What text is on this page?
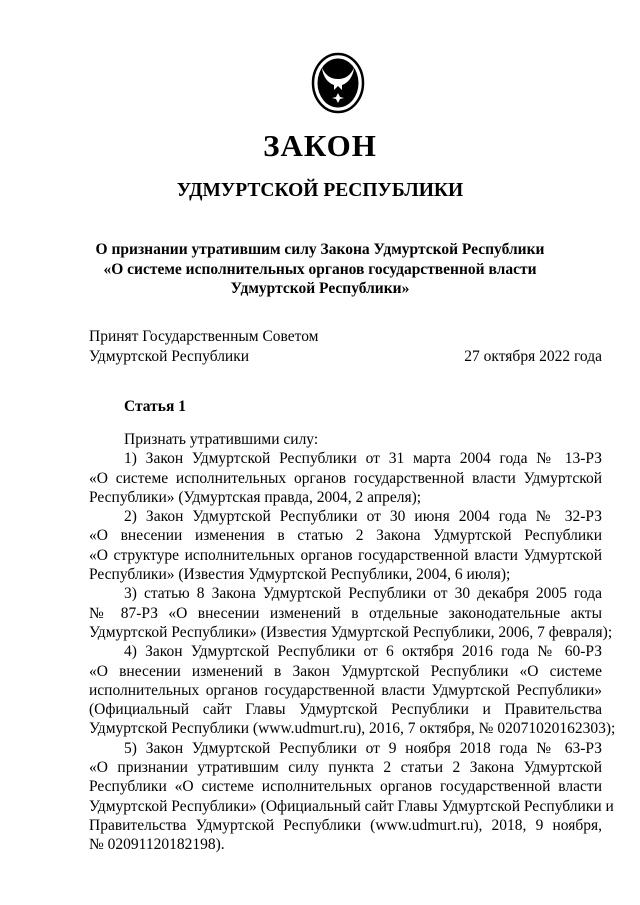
ЗАКОН
УДМУРТСКОЙ РЕСПУБЛИКИ
О признании утратившим силу Закона Удмуртской Республики
«О системе исполнительных органов государственной власти
Удмуртской Республики»
Принят Государственным Советом
Удмуртской Республики	27 октября 2022 года
Статья 1
Признать утратившими силу:
1) Закон Удмуртской Республики от 31 марта 2004 года № 13-РЗ
«О системе исполнительных органов государственной власти Удмуртской
Республики» (Удмуртская правда, 2004, 2 апреля);
2) Закон Удмуртской Республики от 30 июня 2004 года № 32-РЗ
«О внесении изменения в статью 2 Закона Удмуртской Республики
«О структуре исполнительных органов государственной власти Удмуртской
Республики» (Известия Удмуртской Республики, 2004, 6 июля);
3) статью 8 Закона Удмуртской Республики от 30 декабря 2005 года
№ 87-РЗ «О внесении изменений в отдельные законодательные акты
Удмуртской Республики» (Известия Удмуртской Республики, 2006, 7 февраля);
4) Закон Удмуртской Республики от 6 октября 2016 года № 60-РЗ
«О внесении изменений в Закон Удмуртской Республики «О системе
исполнительных органов государственной власти Удмуртской Республики»
(Официальный сайт Главы Удмуртской Республики и Правительства
Удмуртской Республики (www.udmurt.ru), 2016, 7 октября, № 02071020162303);
5) Закон Удмуртской Республики от 9 ноября 2018 года № 63-РЗ
«О признании утратившим силу пункта 2 статьи 2 Закона Удмуртской
Республики «О системе исполнительных органов государственной власти
Удмуртской Республики» (Официальный сайт Главы Удмуртской Республики и
Правительства Удмуртской Республики (www.udmurt.ru), 2018, 9 ноября,
№ 02091120182198).
